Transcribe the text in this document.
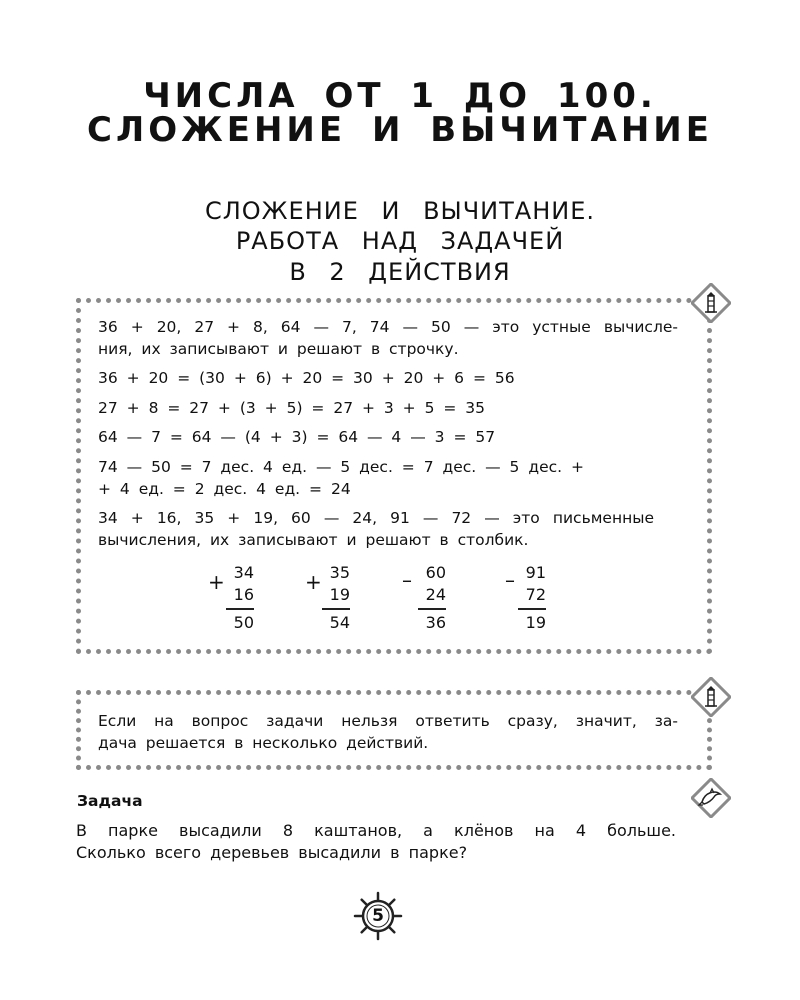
ЧИСЛА ОТ 1 ДО 100.
СЛОЖЕНИЕ И ВЫЧИТАНИЕ
СЛОЖЕНИЕ И ВЫЧИТАНИЕ.
РАБОТА НАД ЗАДАЧЕЙ
В 2 ДЕЙСТВИЯ
36 + 20, 27 + 8, 64 — 7, 74 — 50 — это устные вычисле-
ния, их записывают и решают в строчку.
36 + 20 = (30 + 6) + 20 = 30 + 20 + 6 = 56
27 + 8 = 27 + (3 + 5) = 27 + 3 + 5 = 35
64 — 7 = 64 — (4 + 3) = 64 — 4 — 3 = 57
74 — 50 = 7 дес. 4 ед. — 5 дес. = 7 дес. — 5 дес. +
+ 4 ед. = 2 дес. 4 ед. = 24
34 + 16, 35 + 19, 60 — 24, 91 — 72 — это письменные
вычисления, их записывают и решают в столбик.
+ 34
16
50
+ 35
19
54
– 60
24
36
– 91
72
19
Если на вопрос задачи нельзя ответить сразу, значит, за-
дача решается в несколько действий.
Задача
В парке высадили 8 каштанов, а клёнов на 4 больше.
Сколько всего деревьев высадили в парке?
5
